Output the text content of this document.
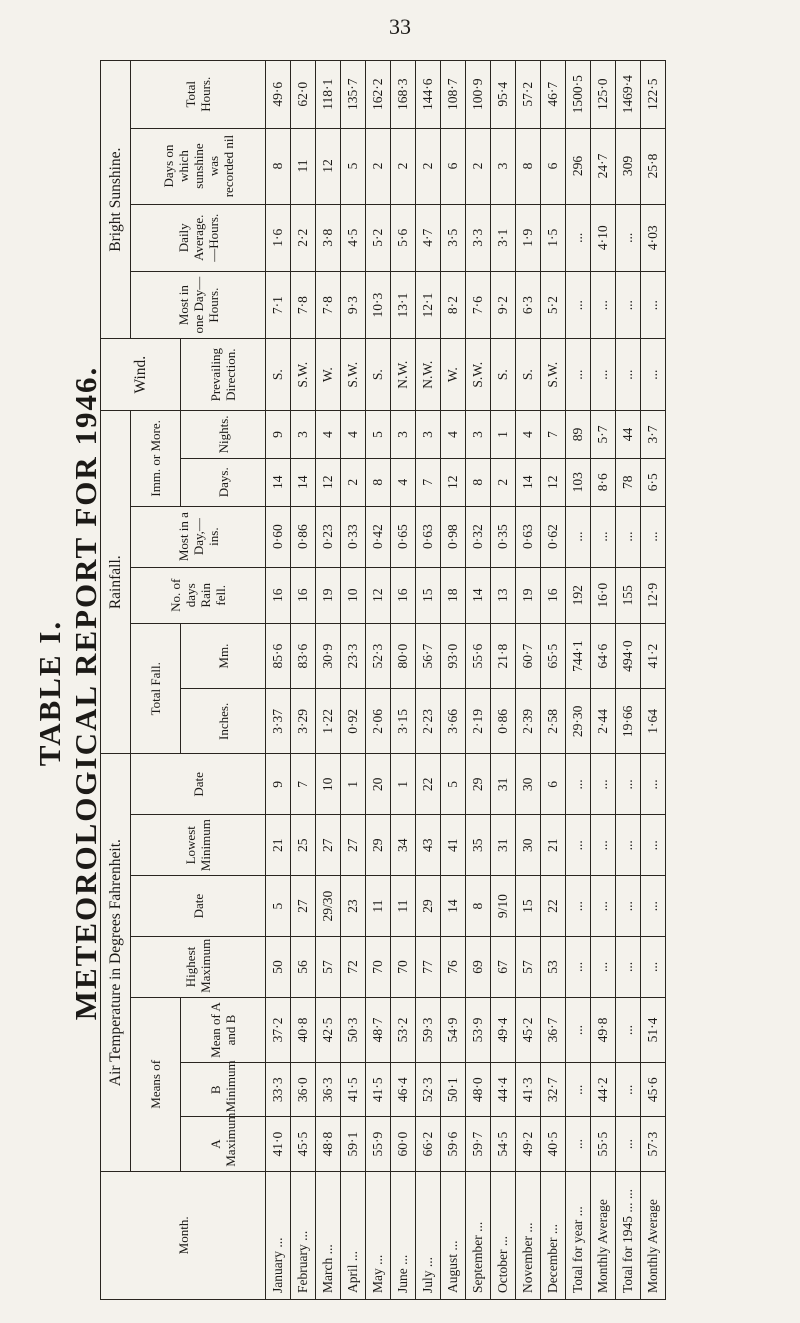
33
TABLE I. METEOROLOGICAL REPORT FOR 1946.
Month.	Air Temperature in Degrees Fahrenheit.							Rainfall.						Wind.	Bright Sunshine.			
	Means of			Highest Maximum	Date	Lowest Minimum	Date	Total Fall.		No. of days Rain fell.	Most in a Day,—ins.	Imm. or More.			Most in one Day—Hours.	Daily Average.—Hours.	Days on which sunshine was recorded nil	Total Hours.
	A Maximum	B Minimum	Mean of A and B					Inches.	Mm.			Days.	Nights.	Prevailing Direction.				
January ...	41·0	33·3	37·2	50	5	21	9	3·37	85·6	16	0·60	14	9	S.	7·1	1·6	8	49·6
February ...	45·5	36·0	40·8	56	27	25	7	3·29	83·6	16	0·86	14	3	S.W.	7·8	2·2	11	62·0
March ...	48·8	36·3	42·5	57	29/30	27	10	1·22	30·9	19	0·23	12	4	W.	7·8	3·8	12	118·1
April ...	59·1	41·5	50·3	72	23	27	1	0·92	23·3	10	0·33	2	4	S.W.	9·3	4·5	5	135·7
May ...	55·9	41·5	48·7	70	11	29	20	2·06	52·3	12	0·42	8	5	S.	10·3	5·2	2	162·2
June ...	60·0	46·4	53·2	70	11	34	1	3·15	80·0	16	0·65	4	3	N.W.	13·1	5·6	2	168·3
July ...	66·2	52·3	59·3	77	29	43	22	2·23	56·7	15	0·63	7	3	N.W.	12·1	4·7	2	144·6
August ...	59·6	50·1	54·9	76	14	41	5	3·66	93·0	18	0·98	12	4	W.	8·2	3·5	6	108·7
September ...	59·7	48·0	53·9	69	8	35	29	2·19	55·6	14	0·32	8	3	S.W.	7·6	3·3	2	100·9
October ...	54·5	44·4	49·4	67	9/10	31	31	0·86	21·8	13	0·35	2	1	S.	9·2	3·1	3	95·4
November ...	49·2	41·3	45·2	57	15	30	30	2·39	60·7	19	0·63	14	4	S.	6·3	1·9	8	57·2
December ...	40·5	32·7	36·7	53	22	21	6	2·58	65·5	16	0·62	12	7	S.W.	5·2	1·5	6	46·7
Total for year ...	...	...	...	...	...	...	...	29·30	744·1	192	...	103	89	...	...	...	296	1500·5
Monthly Average	55·5	44·2	49·8	...	...	...	...	2·44	64·6	16·0	...	8·6	5·7	...	...	4·10	24·7	125·0
Total for 1945 ... ...	...	...	...	...	...	...	...	19·66	494·0	155	...	78	44	...	...	...	309	1469·4
Monthly Average	57·3	45·6	51·4	...	...	...	...	1·64	41·2	12·9	...	6·5	3·7	...	...	4·03	25·8	122·5
